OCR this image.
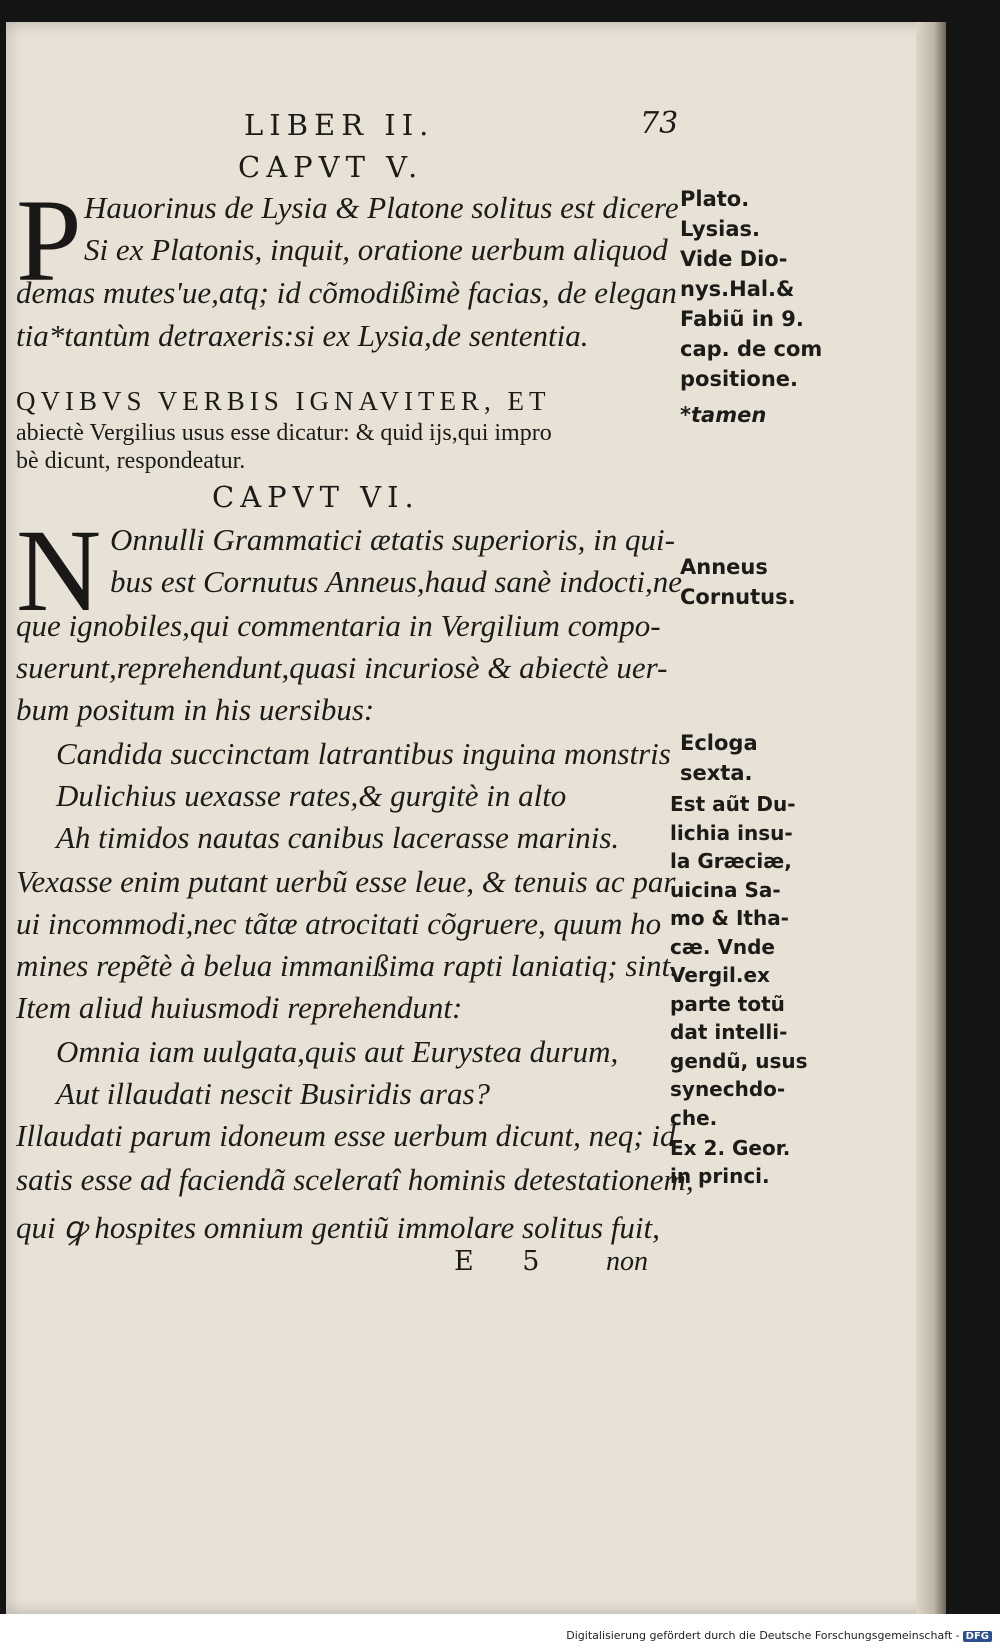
LIBER II.	73
CAPVT V.
P Hauorinus de Lysia & Platone solitus est dicere
Si ex Platonis, inquit, oratione uerbum aliquod
demas mutes'ue,atq; id cõmodißimè facias, de elegan
tia*tantùm detraxeris:si ex Lysia,de sententia.
QVIBVS VERBIS IGNAVITER, ET
abiectè Vergilius usus esse dicatur: & quid ijs,qui impro
bè dicunt, respondeatur.
CAPVT VI.
N Onnulli Grammatici ætatis superioris, in qui-
bus est Cornutus Anneus,haud sanè indocti,ne
que ignobiles,qui commentaria in Vergilium compo-
suerunt,reprehendunt,quasi incuriosè & abiectè uer-
bum positum in his uersibus:
Candida succinctam latrantibus inguina monstris
Dulichius uexasse rates,& gurgitè in alto
Ah timidos nautas canibus lacerasse marinis.
Vexasse enim putant uerbũ esse leue, & tenuis ac par
ui incommodi,nec tãtæ atrocitati cõgruere, quum ho
mines repẽtè à belua immanißima rapti laniatiq; sint.
Item aliud huiusmodi reprehendunt:
Omnia iam uulgata,quis aut Eurystea durum,
Aut illaudati nescit Busiridis aras?
Illaudati parum idoneum esse uerbum dicunt, neq; id
satis esse ad faciendã sceleratî hominis detestationem,
qui ꝙ hospites omnium gentiũ immolare solitus fuit,
E 5 non
Plato.
Lysias.
Vide Dio-
nys.Hal.&
Fabiũ in 9.
cap. de com
positione.
*tamen
Anneus
Cornutus.
Ecloga
sexta.
Est aũt Du-
lichia insu-
la Græciæ,
uicina Sa-
mo & Itha-
cæ. Vnde
Vergil.ex
parte totũ
dat intelli-
gendũ, usus
synechdo-
che.
Ex 2. Geor.
in princi.
Digitalisierung gefördert durch die Deutsche Forschungsgemeinschaft - DFG
